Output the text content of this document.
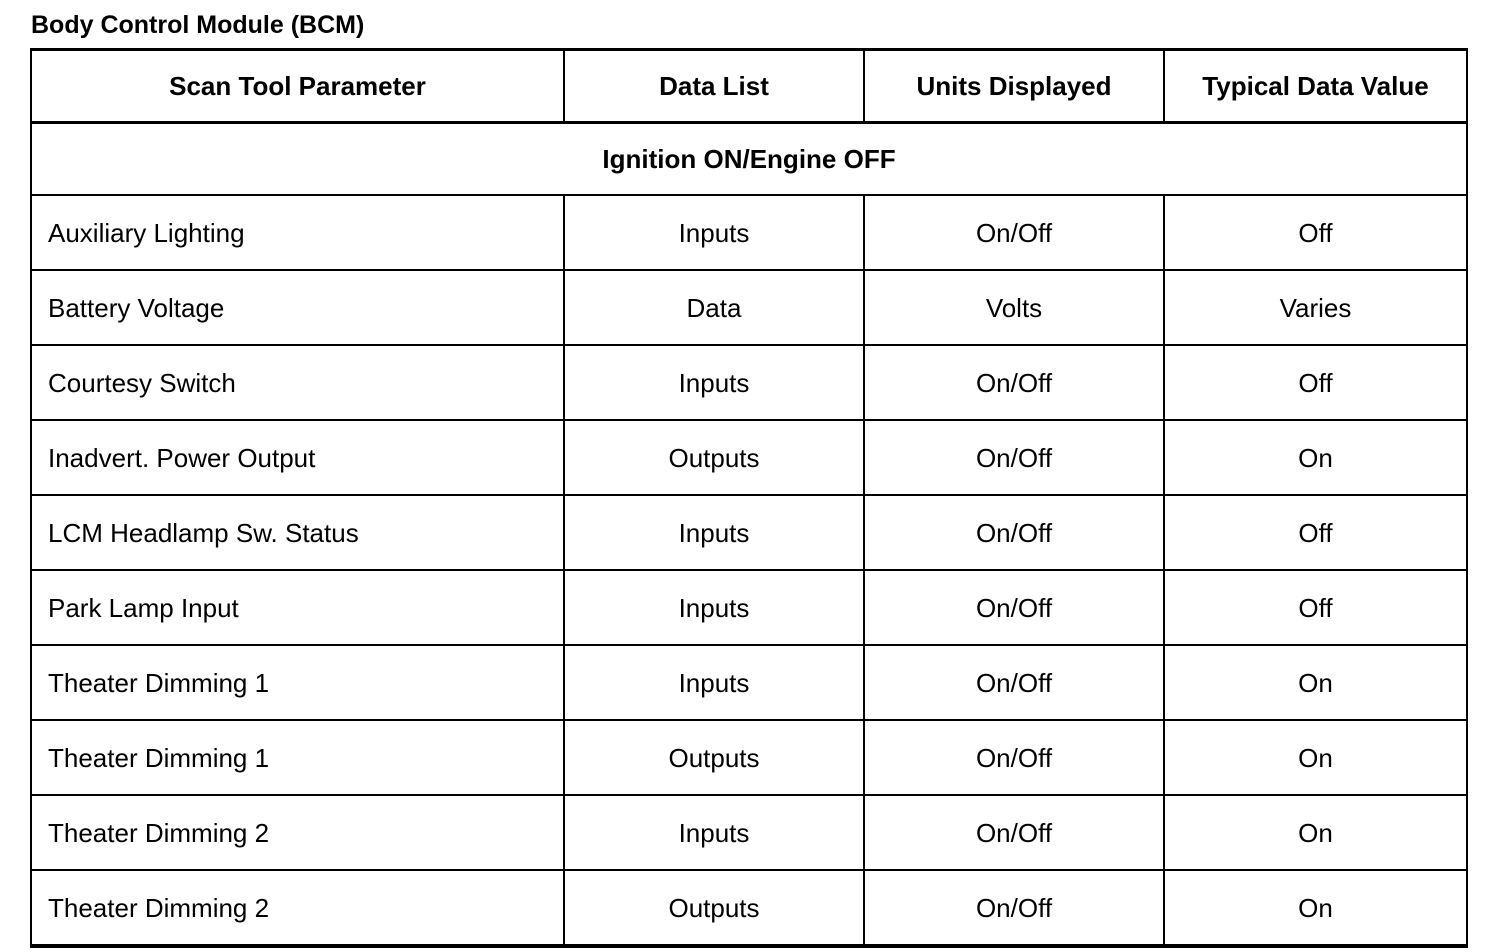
Body Control Module (BCM)
Scan Tool Parameter	Data List	Units Displayed	Typical Data Value
Ignition ON/Engine OFF			
Auxiliary Lighting	Inputs	On/Off	Off
Battery Voltage	Data	Volts	Varies
Courtesy Switch	Inputs	On/Off	Off
Inadvert. Power Output	Outputs	On/Off	On
LCM Headlamp Sw. Status	Inputs	On/Off	Off
Park Lamp Input	Inputs	On/Off	Off
Theater Dimming 1	Inputs	On/Off	On
Theater Dimming 1	Outputs	On/Off	On
Theater Dimming 2	Inputs	On/Off	On
Theater Dimming 2	Outputs	On/Off	On
